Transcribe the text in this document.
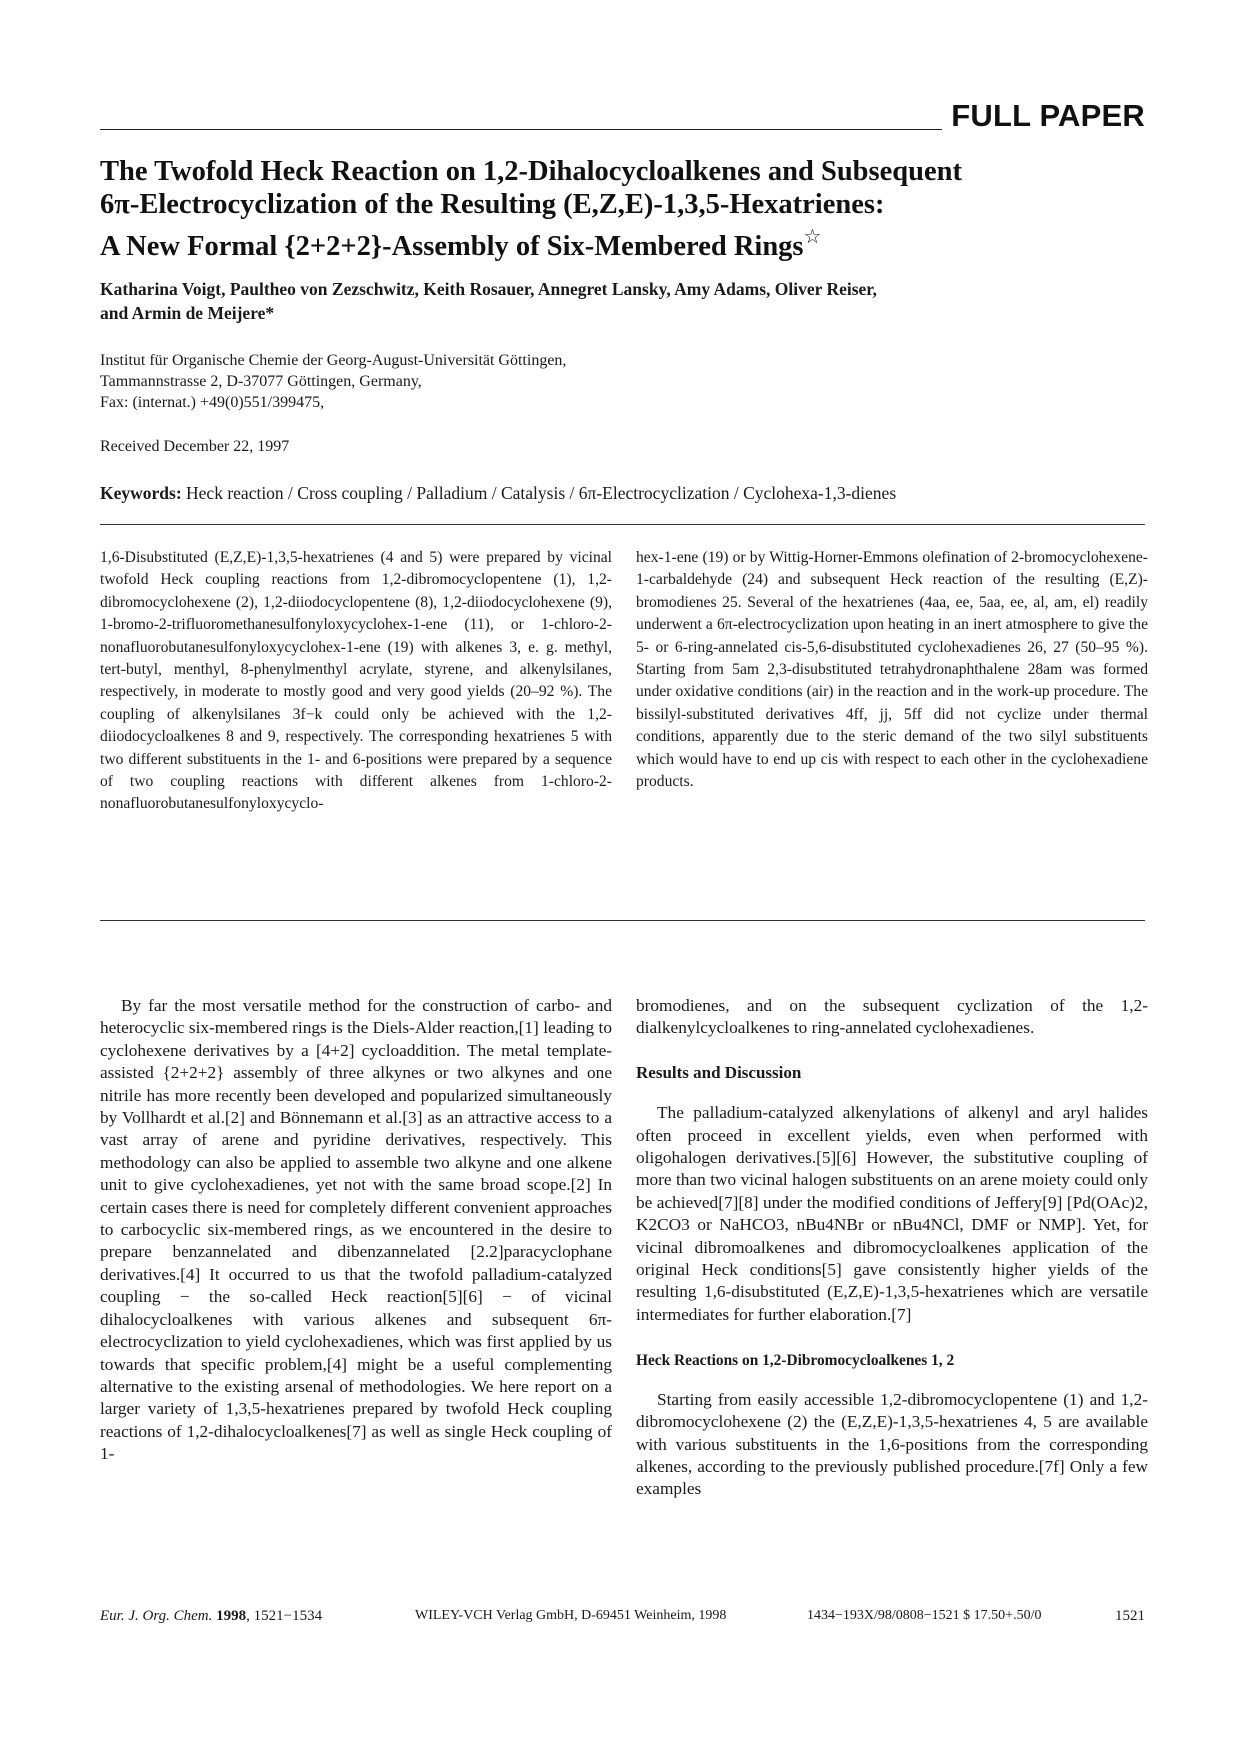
FULL PAPER
The Twofold Heck Reaction on 1,2-Dihalocycloalkenes and Subsequent
6π-Electrocyclization of the Resulting (E,Z,E)-1,3,5-Hexatrienes:
A New Formal {2+2+2}-Assembly of Six-Membered Rings☆
Katharina Voigt, Paultheo von Zezschwitz, Keith Rosauer, Annegret Lansky, Amy Adams, Oliver Reiser,
and Armin de Meijere*
Institut für Organische Chemie der Georg-August-Universität Göttingen,
Tammannstrasse 2, D-37077 Göttingen, Germany,
Fax: (internat.) +49(0)551/399475,
Received December 22, 1997
Keywords: Heck reaction / Cross coupling / Palladium / Catalysis / 6π-Electrocyclization / Cyclohexa-1,3-dienes
1,6-Disubstituted (E,Z,E)-1,3,5-hexatrienes (4 and 5) were prepared by vicinal twofold Heck coupling reactions from 1,2-dibromocyclopentene (1), 1,2-dibromocyclohexene (2), 1,2-diiodocyclopentene (8), 1,2-diiodocyclohexene (9), 1-bromo-2-trifluoromethanesulfonyloxycyclohex-1-ene (11), or 1-chloro-2-nonafluorobutanesulfonyloxycyclohex-1-ene (19) with alkenes 3, e. g. methyl, tert-butyl, menthyl, 8-phenylmenthyl acrylate, styrene, and alkenylsilanes, respectively, in moderate to mostly good and very good yields (20–92 %). The coupling of alkenylsilanes 3f−k could only be achieved with the 1,2-diiodocycloalkenes 8 and 9, respectively. The corresponding hexatrienes 5 with two different substituents in the 1- and 6-positions were prepared by a sequence of two coupling reactions with different alkenes from 1-chloro-2-nonafluorobutanesulfonyloxycyclo-
hex-1-ene (19) or by Wittig-Horner-Emmons olefination of 2-bromocyclohexene-1-carbaldehyde (24) and subsequent Heck reaction of the resulting (E,Z)-bromodienes 25. Several of the hexatrienes (4aa, ee, 5aa, ee, al, am, el) readily underwent a 6π-electrocyclization upon heating in an inert atmosphere to give the 5- or 6-ring-annelated cis-5,6-disubstituted cyclohexadienes 26, 27 (50–95 %). Starting from 5am 2,3-disubstituted tetrahydronaphthalene 28am was formed under oxidative conditions (air) in the reaction and in the work-up procedure. The bissilyl-substituted derivatives 4ff, jj, 5ff did not cyclize under thermal conditions, apparently due to the steric demand of the two silyl substituents which would have to end up cis with respect to each other in the cyclohexadiene products.

By far the most versatile method for the construction of carbo- and heterocyclic six-membered rings is the Diels-Alder reaction,[1] leading to cyclohexene derivatives by a [4+2] cycloaddition. The metal template-assisted {2+2+2} assembly of three alkynes or two alkynes and one nitrile has more recently been developed and popularized simultaneously by Vollhardt et al.[2] and Bönnemann et al.[3] as an attractive access to a vast array of arene and pyridine derivatives, respectively. This methodology can also be applied to assemble two alkyne and one alkene unit to give cyclohexadienes, yet not with the same broad scope.[2] In certain cases there is need for completely different convenient approaches to carbocyclic six-membered rings, as we encountered in the desire to prepare benzannelated and dibenzannelated [2.2]paracyclophane derivatives.[4] It occurred to us that the twofold palladium-catalyzed coupling − the so-called Heck reaction[5][6] − of vicinal dihalocycloalkenes with various alkenes and subsequent 6π-electrocyclization to yield cyclohexadienes, which was first applied by us towards that specific problem,[4] might be a useful complementing alternative to the existing arsenal of methodologies. We here report on a larger variety of 1,3,5-hexatrienes prepared by twofold Heck coupling reactions of 1,2-dihalocycloalkenes[7] as well as single Heck coupling of 1-

bromodienes, and on the subsequent cyclization of the 1,2-dialkenylcycloalkenes to ring-annelated cyclohexadienes.

Results and Discussion

The palladium-catalyzed alkenylations of alkenyl and aryl halides often proceed in excellent yields, even when performed with oligohalogen derivatives.[5][6] However, the substitutive coupling of more than two vicinal halogen substituents on an arene moiety could only be achieved[7][8] under the modified conditions of Jeffery[9] [Pd(OAc)2, K2CO3 or NaHCO3, nBu4NBr or nBu4NCl, DMF or NMP]. Yet, for vicinal dibromoalkenes and dibromocycloalkenes application of the original Heck conditions[5] gave consistently higher yields of the resulting 1,6-disubstituted (E,Z,E)-1,3,5-hexatrienes which are versatile intermediates for further elaboration.[7]

Heck Reactions on 1,2-Dibromocycloalkenes 1, 2

Starting from easily accessible 1,2-dibromocyclopentene (1) and 1,2-dibromocyclohexene (2) the (E,Z,E)-1,3,5-hexatrienes 4, 5 are available with various substituents in the 1,6-positions from the corresponding alkenes, according to the previously published procedure.[7f] Only a few examples

Eur. J. Org. Chem. 1998, 1521−1534	WILEY-VCH Verlag GmbH, D-69451 Weinheim, 1998	1434−193X/98/0808−1521 $ 17.50+.50/0	1521
